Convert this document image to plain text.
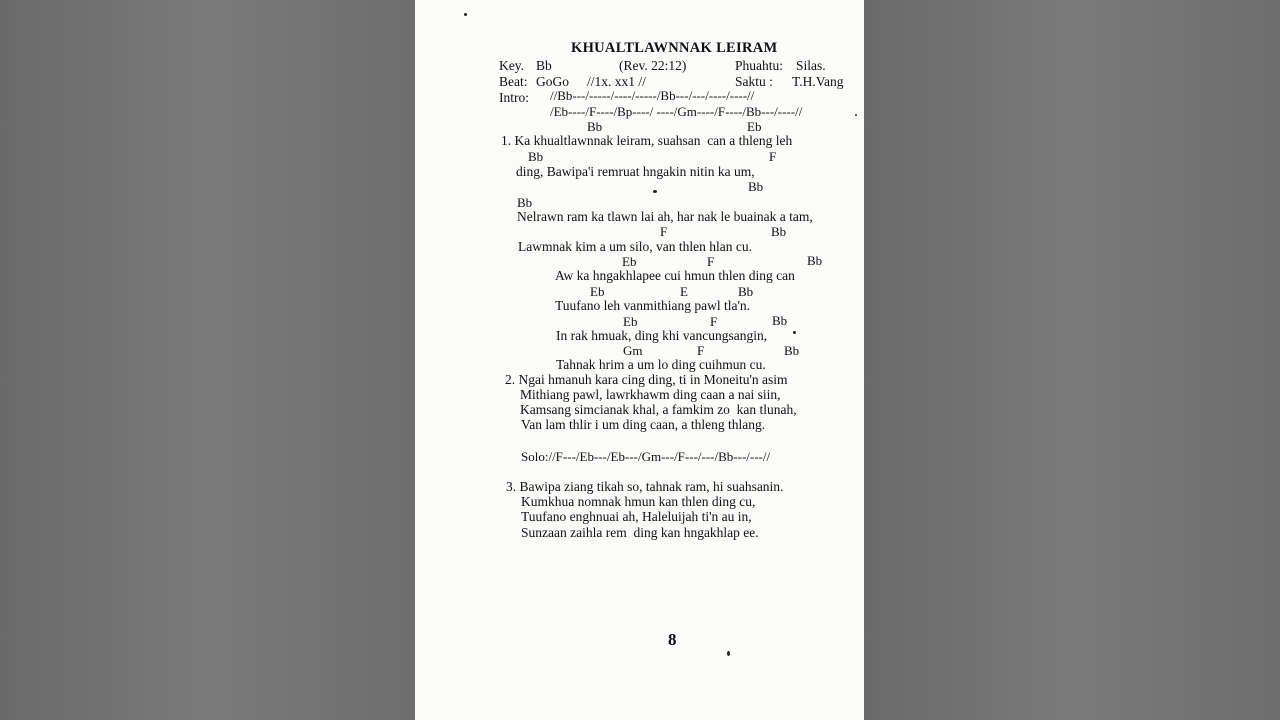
KHUALTLAWNNAK LEIRAM
Key. Bb	(Rev. 22:12)	Phuahtu: Silas.
Beat: GoGo //1x. xx1 //	Saktu : T.H.Vang
Intro: //Bb---/-----/----/-----/Bb---/---/----/----//
/Eb----/F----/Bp----/ ----/Gm----/F----/Bb---/----//
Bb	Eb
1. Ka khualtlawnnak leiram, suahsan  can a thleng leh
Bb	F
ding, Bawipa'i remruat hngakin nitin ka um,
Bb
Bb
Nelrawn ram ka tlawn lai ah, har nak le buainak a tam,
F	Bb
Lawmnak kim a um silo, van thlen hlan cu.
Eb	F	Bb
Aw ka hngakhlapee cui hmun thlen ding can
Eb	E	Bb
Tuufano leh vanmithiang pawl tla'n.
Eb	F	Bb
In rak hmuak, ding khi vancungsangin,
Gm	F	Bb
Tahnak hrim a um lo ding cuihmun cu.
2. Ngai hmanuh kara cing ding, ti in Moneitu'n asim
Mithiang pawl, lawrkhawm ding caan a nai siin,
Kamsang simcianak khal, a famkim zo  kan tlunah,
Van lam thlir i um ding caan, a thleng thlang.
Solo://F---/Eb---/Eb---/Gm---/F---/---/Bb---/---//
3. Bawipa ziang tikah so, tahnak ram, hi suahsanin.
Kumkhua nomnak hmun kan thlen ding cu,
Tuufano enghnuai ah, Haleluijah ti'n au in,
Sunzaan zaihla rem  ding kan hngakhlap ee.
8
